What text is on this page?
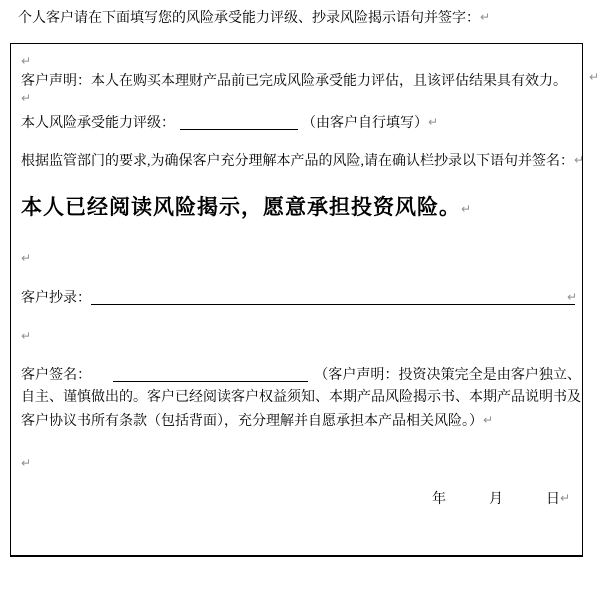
个人客户请在下面填写您的风险承受能力评级、抄录风险揭示语句并签字：↵
↵
↵
客户声明：本人在购买本理财产品前已完成风险承受能力评估，且该评估结果具有效力。
↵
本人风险承受能力评级：	（由客户自行填写）↵
根据监管部门的要求,为确保客户充分理解本产品的风险,请在确认栏抄录以下语句并签名：↵
本人已经阅读风险揭示，愿意承担投资风险。↵
↵
客户抄录：	↵
↵
客户签名：	（客户声明：投资决策完全是由客户独立、自主、谨慎做出的。客户已经阅读客户权益须知、本期产品风险揭示书、本期产品说明书及客户协议书所有条款（包括背面），充分理解并自愿承担本产品相关风险。）↵
↵
年	月	日↵
